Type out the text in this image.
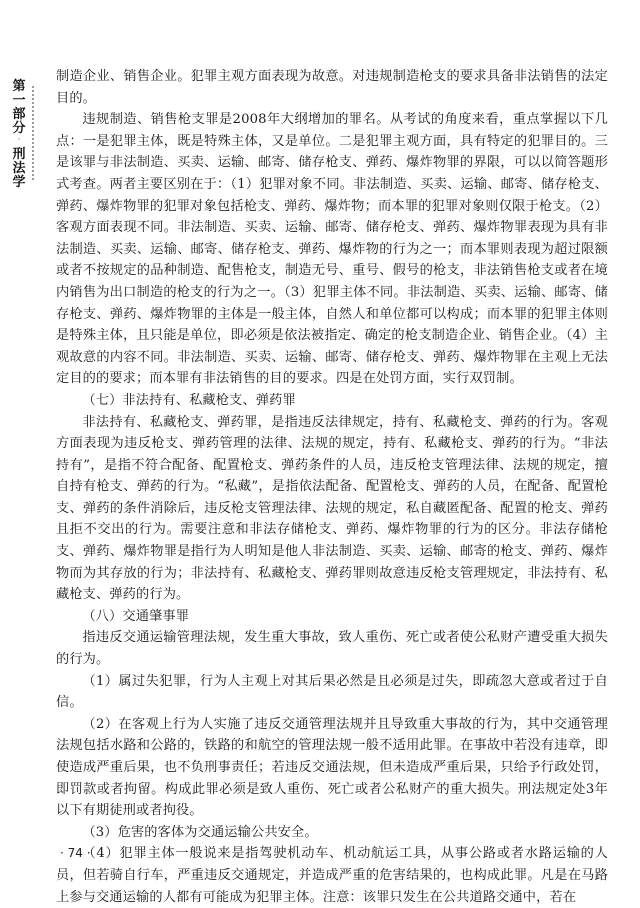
第一部分
·
刑法学

制造企业、销售企业。犯罪主观方面表现为故意。对违规制造枪支的要求具备非法销售的法定目的。

违规制造、销售枪支罪是2008年大纲增加的罪名。从考试的角度来看，重点掌握以下几点：一是犯罪主体，既是特殊主体，又是单位。二是犯罪主观方面，具有特定的犯罪目的。三是该罪与非法制造、买卖、运输、邮寄、储存枪支、弹药、爆炸物罪的界限，可以以简答题形式考查。两者主要区别在于：（1）犯罪对象不同。非法制造、买卖、运输、邮寄、储存枪支、弹药、爆炸物罪的犯罪对象包括枪支、弹药、爆炸物；而本罪的犯罪对象则仅限于枪支。（2）客观方面表现不同。非法制造、买卖、运输、邮寄、储存枪支、弹药、爆炸物罪表现为具有非法制造、买卖、运输、邮寄、储存枪支、弹药、爆炸物的行为之一；而本罪则表现为超过限额或者不按规定的品种制造、配售枪支，制造无号、重号、假号的枪支，非法销售枪支或者在境内销售为出口制造的枪支的行为之一。（3）犯罪主体不同。非法制造、买卖、运输、邮寄、储存枪支、弹药、爆炸物罪的主体是一般主体，自然人和单位都可以构成；而本罪的犯罪主体则是特殊主体，且只能是单位，即必须是依法被指定、确定的枪支制造企业、销售企业。（4）主观故意的内容不同。非法制造、买卖、运输、邮寄、储存枪支、弹药、爆炸物罪在主观上无法定目的的要求；而本罪有非法销售的目的要求。四是在处罚方面，实行双罚制。

（七）非法持有、私藏枪支、弹药罪

非法持有、私藏枪支、弹药罪，是指违反法律规定，持有、私藏枪支、弹药的行为。客观方面表现为违反枪支、弹药管理的法律、法规的规定，持有、私藏枪支、弹药的行为。“非法持有”，是指不符合配备、配置枪支、弹药条件的人员，违反枪支管理法律、法规的规定，擅自持有枪支、弹药的行为。“私藏”，是指依法配备、配置枪支、弹药的人员，在配备、配置枪支、弹药的条件消除后，违反枪支管理法律、法规的规定，私自藏匿配备、配置的枪支、弹药且拒不交出的行为。需要注意和非法存储枪支、弹药、爆炸物罪的行为的区分。非法存储枪支、弹药、爆炸物罪是指行为人明知是他人非法制造、买卖、运输、邮寄的枪支、弹药、爆炸物而为其存放的行为；非法持有、私藏枪支、弹药罪则故意违反枪支管理规定，非法持有、私藏枪支、弹药的行为。

（八）交通肇事罪

指违反交通运输管理法规，发生重大事故，致人重伤、死亡或者使公私财产遭受重大损失的行为。

（1）属过失犯罪，行为人主观上对其后果必然是且必须是过失，即疏忽大意或者过于自信。

（2）在客观上行为人实施了违反交通管理法规并且导致重大事故的行为，其中交通管理法规包括水路和公路的，铁路的和航空的管理法规一般不适用此罪。在事故中若没有违章，即使造成严重后果，也不负刑事责任；若违反交通法规，但未造成严重后果，只给予行政处罚，即罚款或者拘留。构成此罪必须是致人重伤、死亡或者公私财产的重大损失。刑法规定处3年以下有期徒刑或者拘役。

（3）危害的客体为交通运输公共安全。

（4）犯罪主体一般说来是指驾驶机动车、机动航运工具，从事公路或者水路运输的人员，但若骑自行车，严重违反交通规定，并造成严重的危害结果的，也构成此罪。凡是在马路上参与交通运输的人都有可能成为犯罪主体。注意：该罪只发生在公共道路交通中，若在

· 74 ·
